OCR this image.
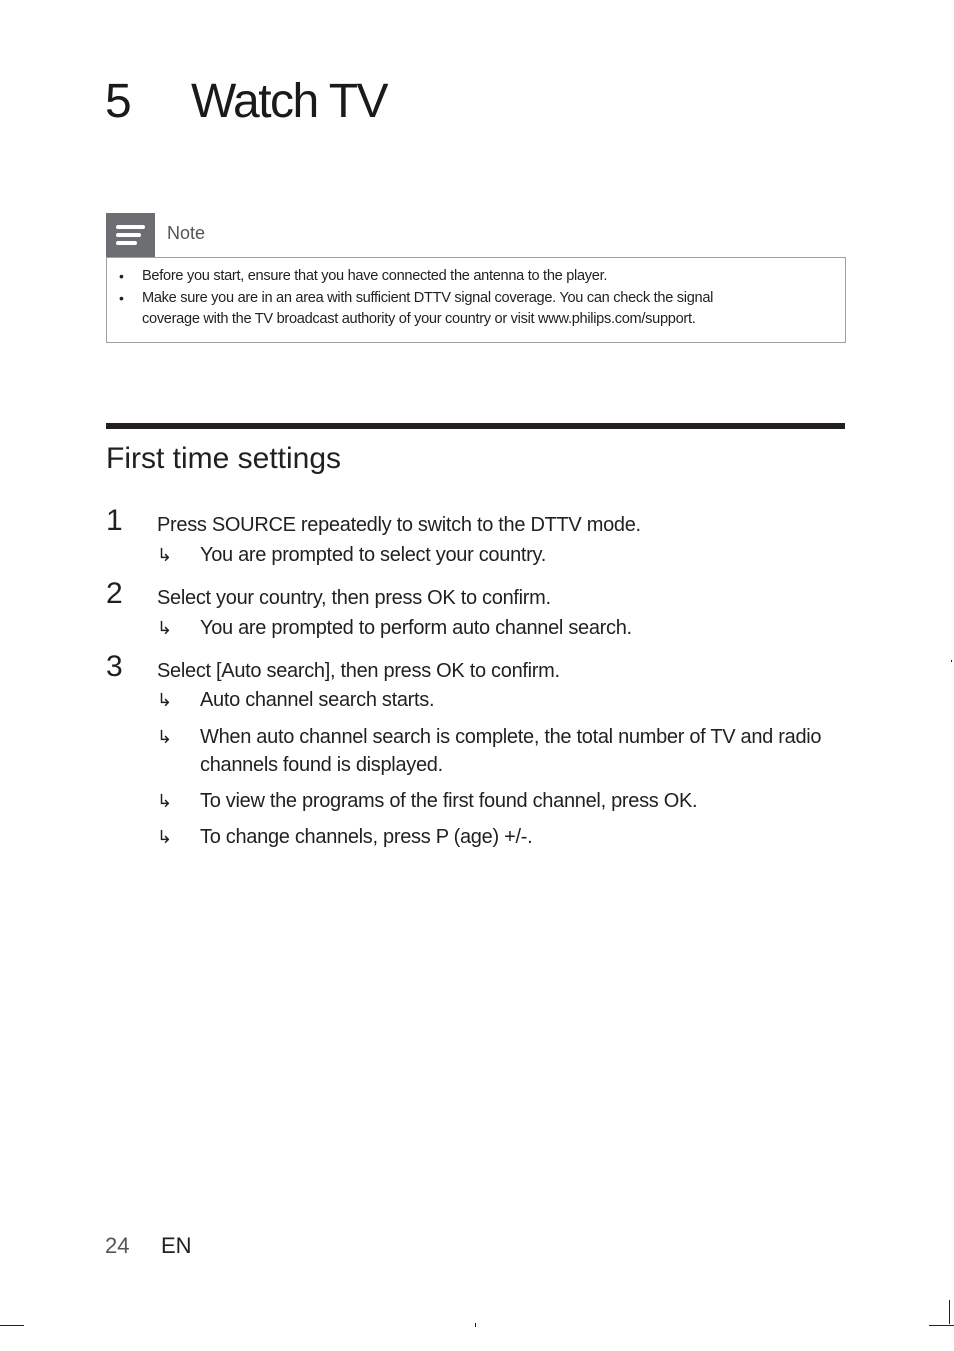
5 Watch TV
Note
• Before you start, ensure that you have connected the antenna to the player.
• Make sure you are in an area with sufficient DTTV signal coverage. You can check the signal
coverage with the TV broadcast authority of your country or visit www.philips.com/support.
First time settings
1 Press SOURCE repeatedly to switch to the DTTV mode.
↳ You are prompted to select your country.
2 Select your country, then press OK to confirm.
↳ You are prompted to perform auto channel search.
3 Select [Auto search], then press OK to confirm.
↳ Auto channel search starts.
↳ When auto channel search is complete, the total number of TV and radio channels found is displayed.
↳ To view the programs of the first found channel, press OK.
↳ To change channels, press P (age) +/-.
24 EN
